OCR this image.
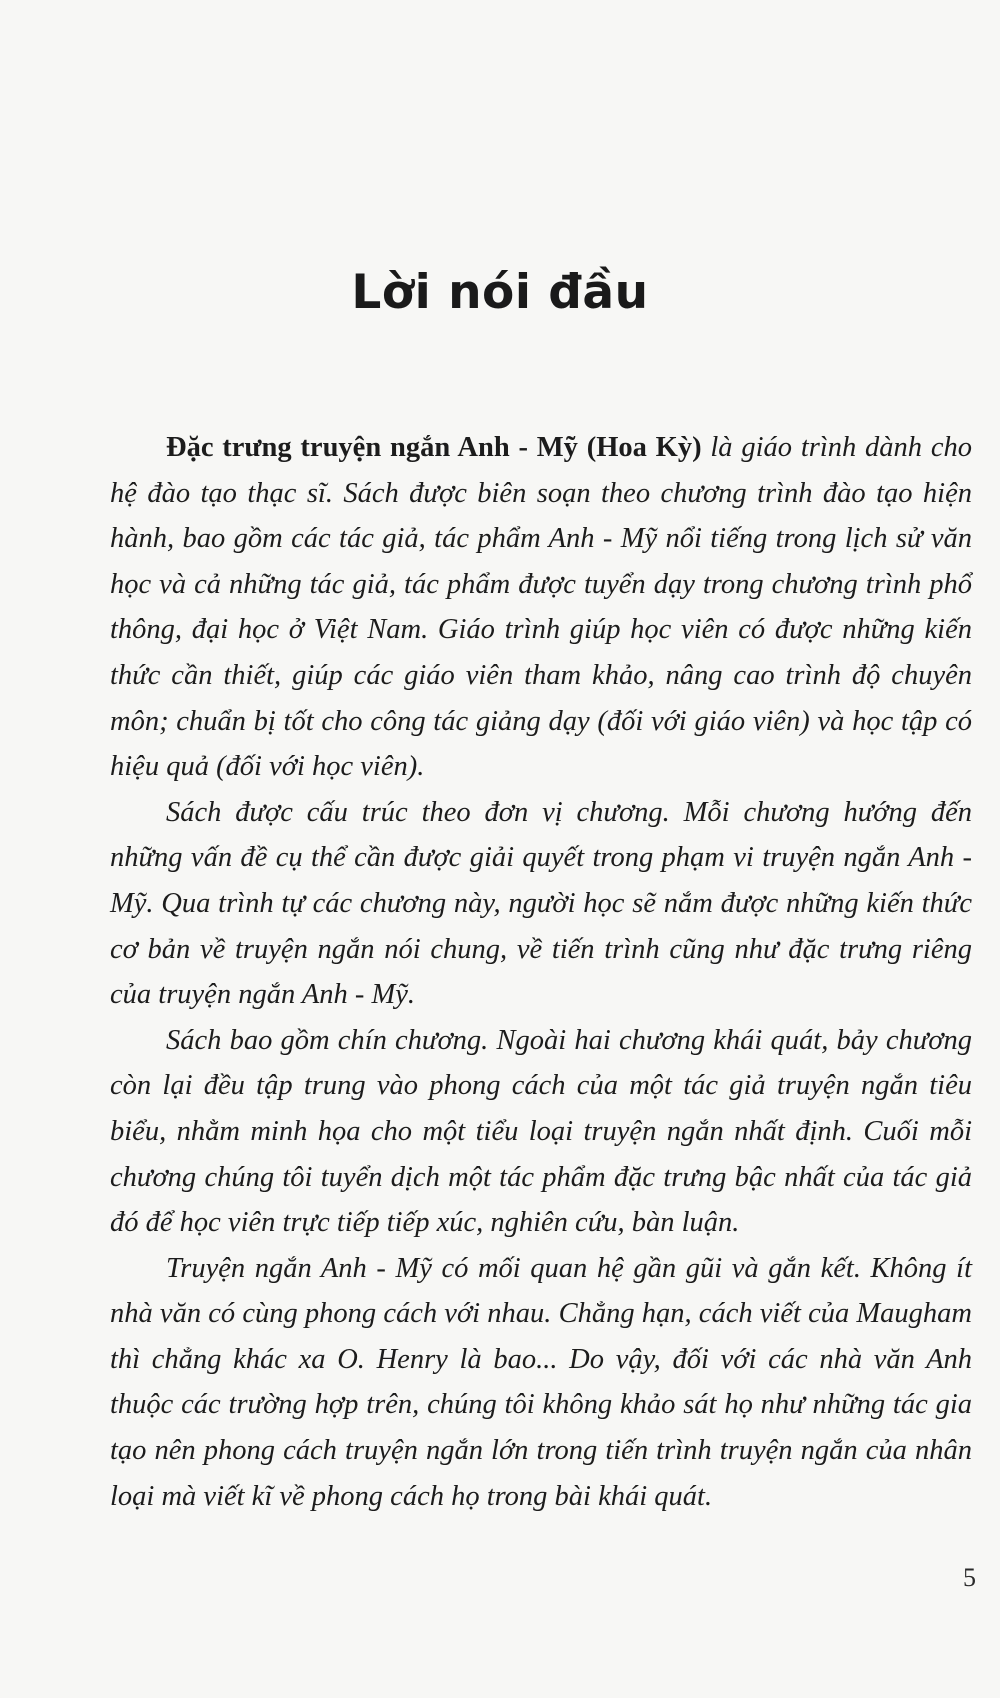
Lời nói đầu

Đặc trưng truyện ngắn Anh - Mỹ (Hoa Kỳ) là giáo trình dành cho hệ đào tạo thạc sĩ. Sách được biên soạn theo chương trình đào tạo hiện hành, bao gồm các tác giả, tác phẩm Anh - Mỹ nổi tiếng trong lịch sử văn học và cả những tác giả, tác phẩm được tuyển dạy trong chương trình phổ thông, đại học ở Việt Nam. Giáo trình giúp học viên có được những kiến thức cần thiết, giúp các giáo viên tham khảo, nâng cao trình độ chuyên môn; chuẩn bị tốt cho công tác giảng dạy (đối với giáo viên) và học tập có hiệu quả (đối với học viên).

Sách được cấu trúc theo đơn vị chương. Mỗi chương hướng đến những vấn đề cụ thể cần được giải quyết trong phạm vi truyện ngắn Anh - Mỹ. Qua trình tự các chương này, người học sẽ nắm được những kiến thức cơ bản về truyện ngắn nói chung, về tiến trình cũng như đặc trưng riêng của truyện ngắn Anh - Mỹ.

Sách bao gồm chín chương. Ngoài hai chương khái quát, bảy chương còn lại đều tập trung vào phong cách của một tác giả truyện ngắn tiêu biểu, nhằm minh họa cho một tiểu loại truyện ngắn nhất định. Cuối mỗi chương chúng tôi tuyển dịch một tác phẩm đặc trưng bậc nhất của tác giả đó để học viên trực tiếp tiếp xúc, nghiên cứu, bàn luận.

Truyện ngắn Anh - Mỹ có mối quan hệ gần gũi và gắn kết. Không ít nhà văn có cùng phong cách với nhau. Chẳng hạn, cách viết của Maugham thì chẳng khác xa O. Henry là bao... Do vậy, đối với các nhà văn Anh thuộc các trường hợp trên, chúng tôi không khảo sát họ như những tác gia tạo nên phong cách truyện ngắn lớn trong tiến trình truyện ngắn của nhân loại mà viết kĩ về phong cách họ trong bài khái quát.

5
